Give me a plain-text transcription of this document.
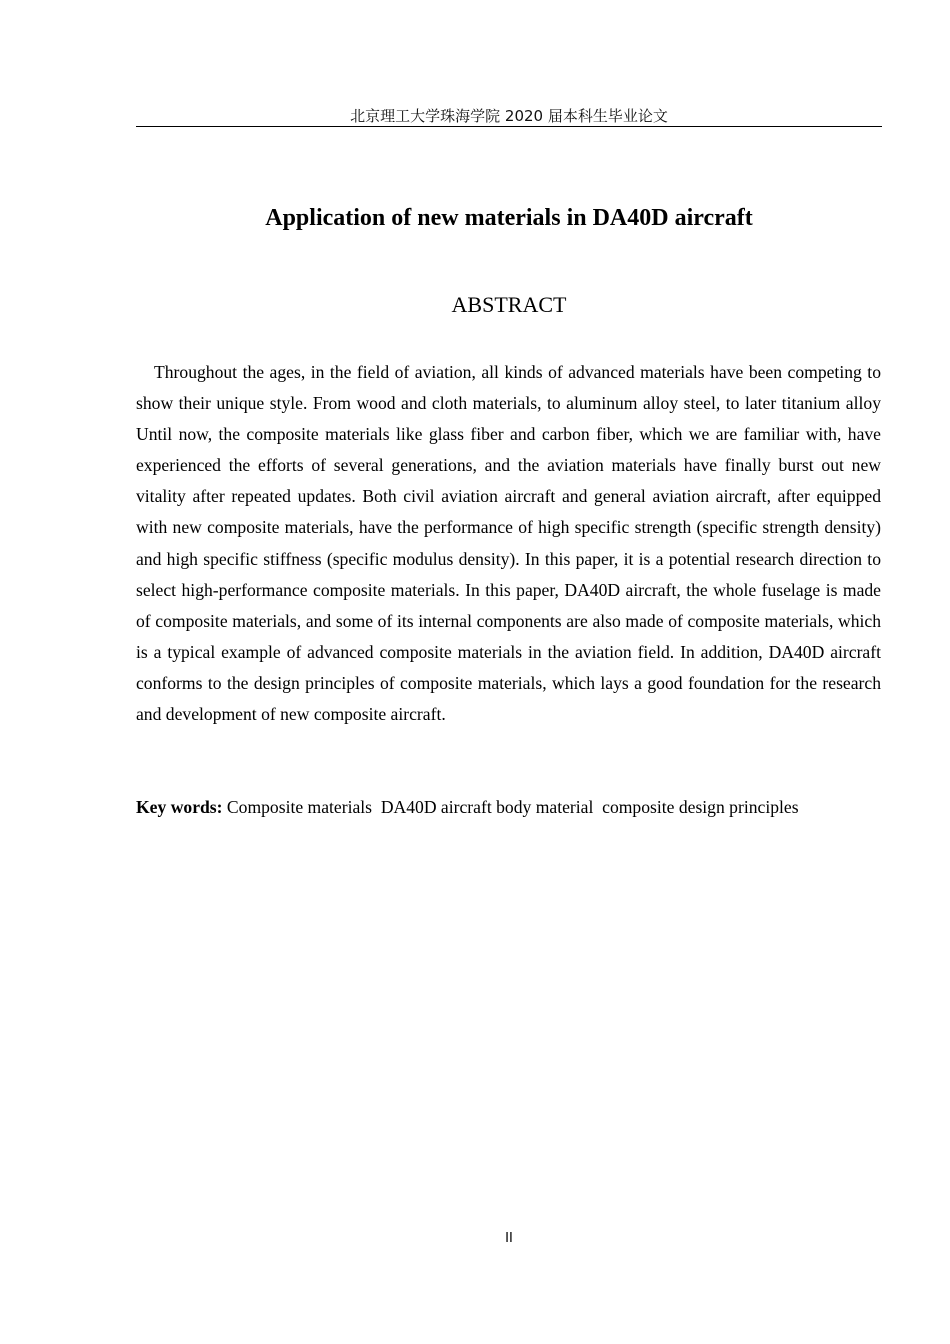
北京理工大学珠海学院 2020 届本科生毕业论文
Application of new materials in DA40D aircraft
ABSTRACT

Throughout the ages, in the field of aviation, all kinds of advanced materials have been competing to show their unique style. From wood and cloth materials, to aluminum alloy steel, to later titanium alloy Until now, the composite materials like glass fiber and carbon fiber, which we are familiar with, have experienced the efforts of several generations, and the aviation materials have finally burst out new vitality after repeated updates. Both civil aviation aircraft and general aviation aircraft, after equipped with new composite materials, have the performance of high specific strength (specific strength density) and high specific stiffness (specific modulus density). In this paper, it is a potential research direction to select high-performance composite materials. In this paper, DA40D aircraft, the whole fuselage is made of composite materials, and some of its internal components are also made of composite materials, which is a typical example of advanced composite materials in the aviation field. In addition, DA40D aircraft conforms to the design principles of composite materials, which lays a good foundation for the research and development of new composite aircraft.

Key words: Composite materials  DA40D aircraft body material  composite design principles

II
